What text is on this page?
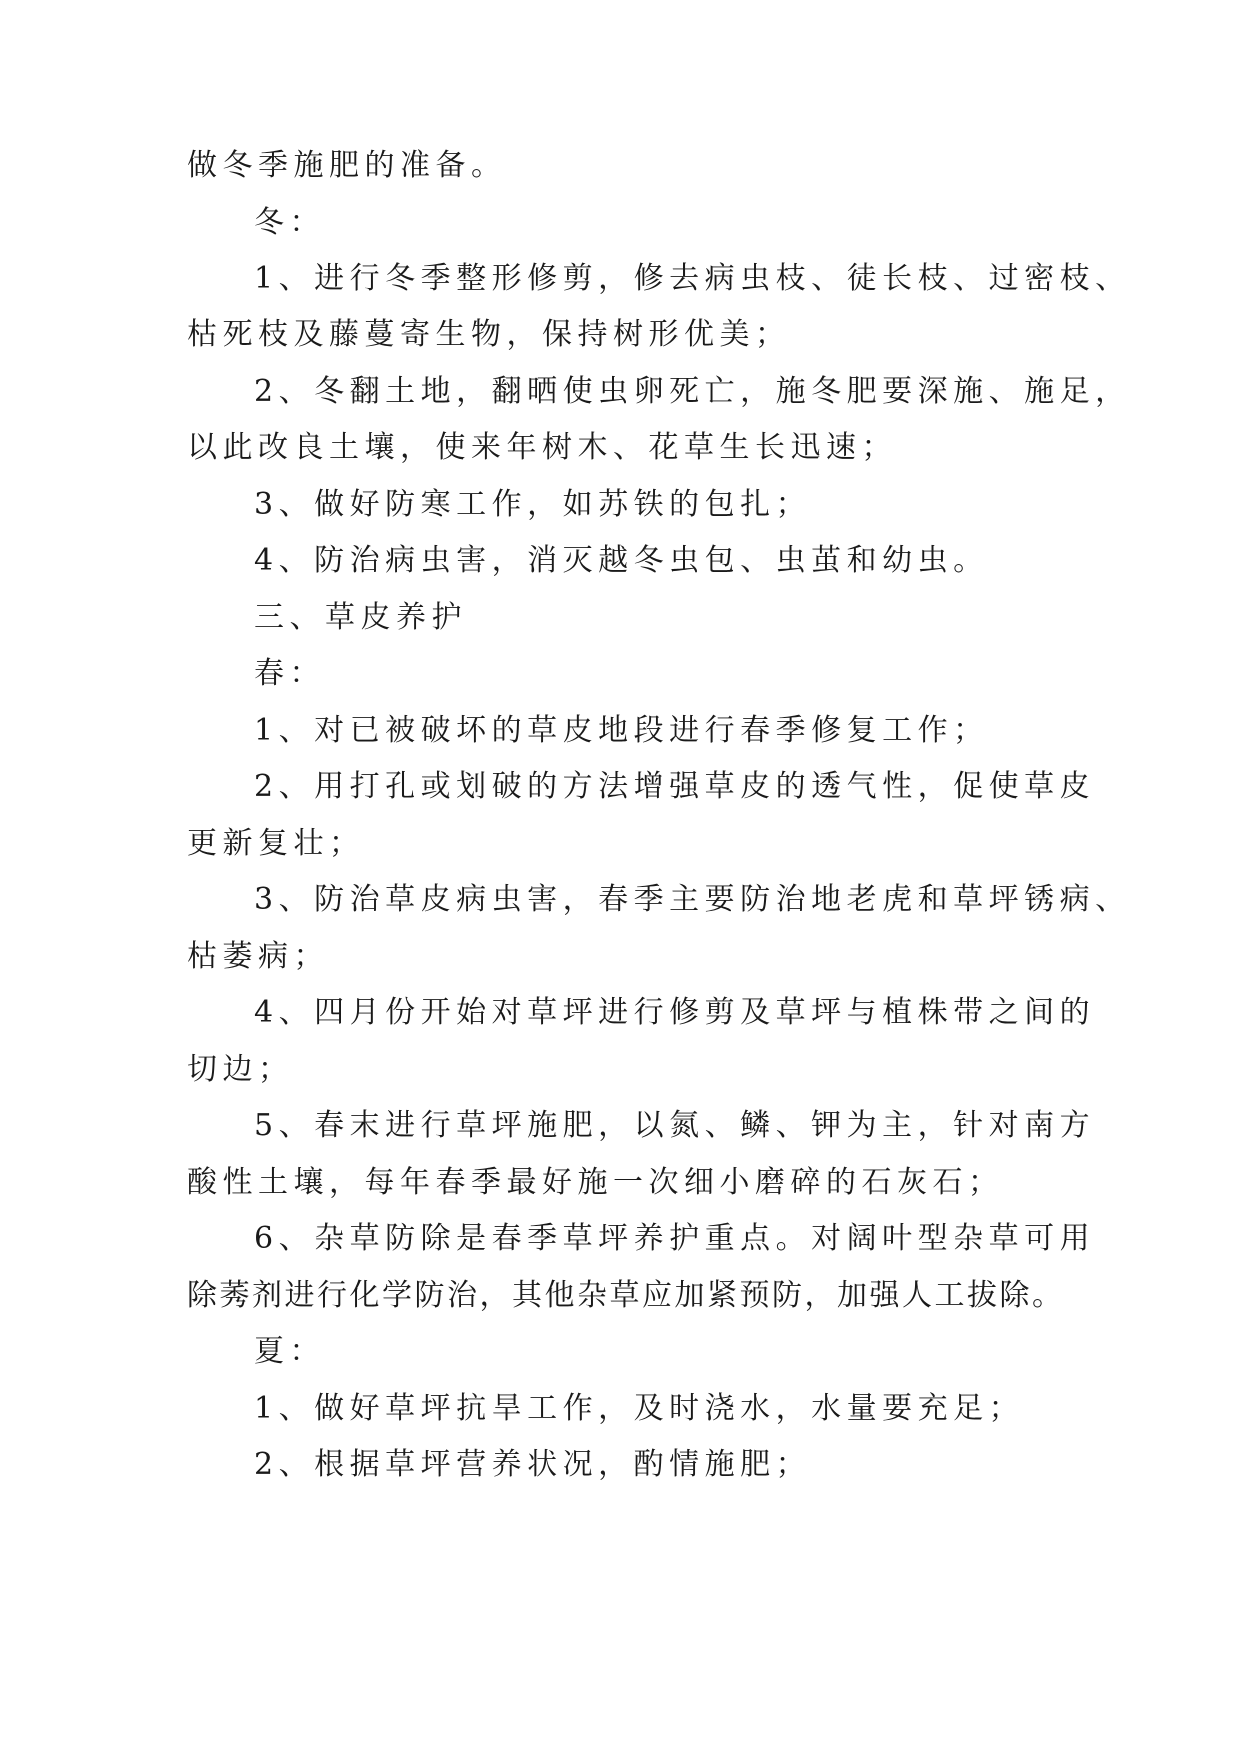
做冬季施肥的准备。
冬：
1、进行冬季整形修剪，修去病虫枝、徒长枝、过密枝、
枯死枝及藤蔓寄生物，保持树形优美；
2、冬翻土地，翻晒使虫卵死亡，施冬肥要深施、施足，
以此改良土壤，使来年树木、花草生长迅速；
3、做好防寒工作，如苏铁的包扎；
4、防治病虫害，消灭越冬虫包、虫茧和幼虫。
三、草皮养护
春：
1、对已被破坏的草皮地段进行春季修复工作；
2、用打孔或划破的方法增强草皮的透气性，促使草皮
更新复壮；
3、防治草皮病虫害，春季主要防治地老虎和草坪锈病、
枯萎病；
4、四月份开始对草坪进行修剪及草坪与植株带之间的
切边；
5、春末进行草坪施肥，以氮、鳞、钾为主，针对南方
酸性土壤，每年春季最好施一次细小磨碎的石灰石；
6、杂草防除是春季草坪养护重点。对阔叶型杂草可用
除莠剂进行化学防治，其他杂草应加紧预防，加强人工拔除。
夏：
1、做好草坪抗旱工作，及时浇水，水量要充足；
2、根据草坪营养状况，酌情施肥；
